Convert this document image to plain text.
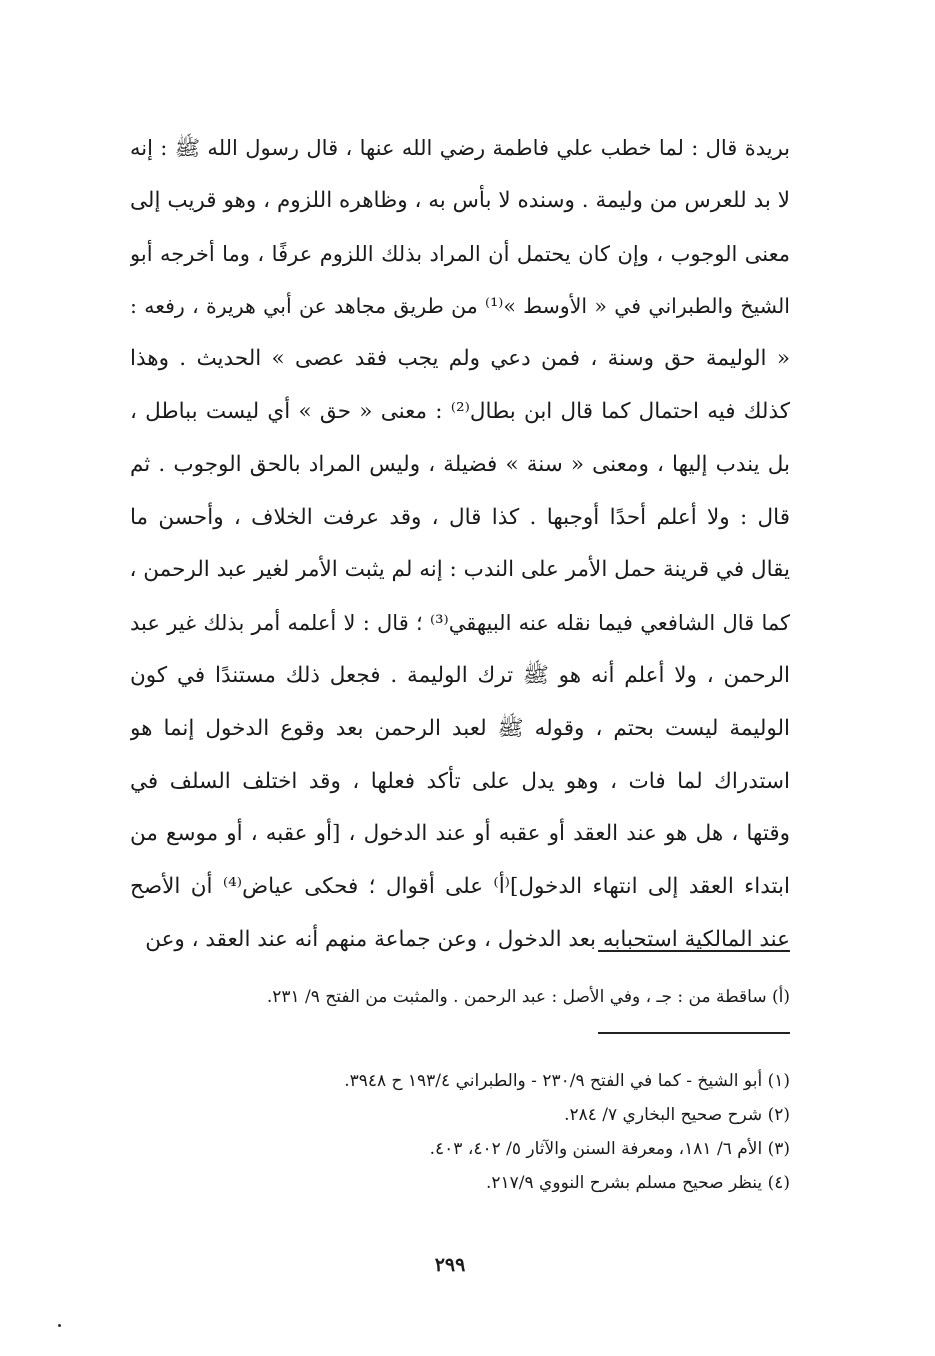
بريدة قال : لما خطب علي فاطمة رضي الله عنها ، قال رسول الله ﷺ : إنه
لا بد للعرس من وليمة . وسنده لا بأس به ، وظاهره اللزوم ، وهو قريب إلى
معنى الوجوب ، وإن كان يحتمل أن المراد بذلك اللزوم عرفًا ، وما أخرجه أبو
الشيخ والطبراني في « الأوسط »⁽¹⁾ من طريق مجاهد عن أبي هريرة ، رفعه :
« الوليمة حق وسنة ، فمن دعي ولم يجب فقد عصى » الحديث . وهذا
كذلك فيه احتمال كما قال ابن بطال⁽²⁾ : معنى « حق » أي ليست بباطل ،
بل يندب إليها ، ومعنى « سنة » فضيلة ، وليس المراد بالحق الوجوب . ثم
قال : ولا أعلم أحدًا أوجبها . كذا قال ، وقد عرفت الخلاف ، وأحسن ما
يقال في قرينة حمل الأمر على الندب : إنه لم يثبت الأمر لغير عبد الرحمن ،
كما قال الشافعي فيما نقله عنه البيهقي⁽³⁾ ؛ قال : لا أعلمه أمر بذلك غير عبد
الرحمن ، ولا أعلم أنه هو ﷺ ترك الوليمة . فجعل ذلك مستندًا في كون
الوليمة ليست بحتم ، وقوله ﷺ لعبد الرحمن بعد وقوع الدخول إنما هو
استدراك لما فات ، وهو يدل على تأكد فعلها ، وقد اختلف السلف في
وقتها ، هل هو عند العقد أو عقبه أو عند الدخول ، [أو عقبه ، أو موسع من
ابتداء العقد إلى انتهاء الدخول]⁽أ⁾ على أقوال ؛ فحكى عياض⁽⁴⁾ أن الأصح
عند المالكية استحبابه بعد الدخول ، وعن جماعة منهم أنه عند العقد ، وعن
(أ) ساقطة من : جـ ، وفي الأصل : عبد الرحمن . والمثبت من الفتح ٩/ ٢٣١.
(١) أبو الشيخ - كما في الفتح ٢٣٠/٩ - والطبراني ١٩٣/٤ ح ٣٩٤٨.
(٢) شرح صحيح البخاري ٧/ ٢٨٤.
(٣) الأم ٦/ ١٨١، ومعرفة السنن والآثار ٥/ ٤٠٢، ٤٠٣.
(٤) ينظر صحيح مسلم بشرح النووي ٢١٧/٩.
٢٩٩
